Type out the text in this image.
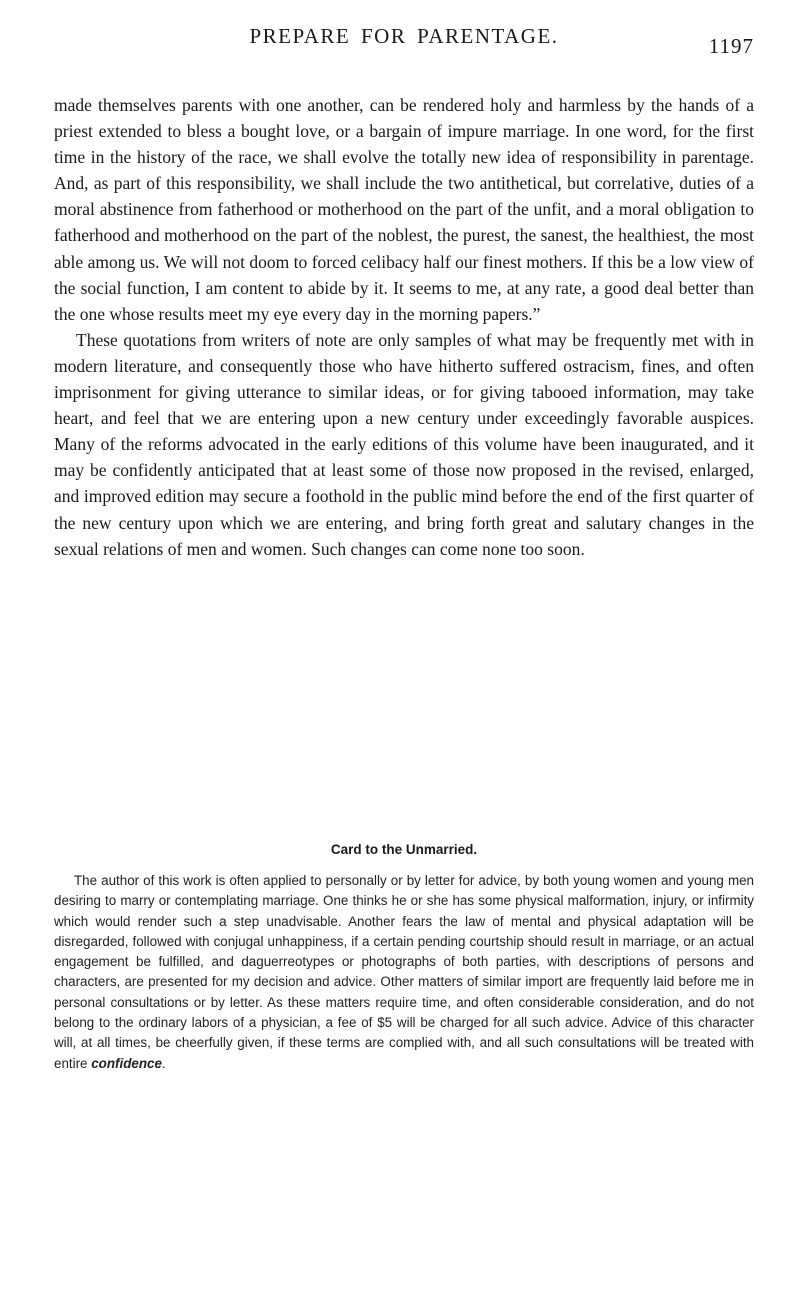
PREPARE FOR PARENTAGE.	1197

made themselves parents with one another, can be rendered holy and harmless by the hands of a priest extended to bless a bought love, or a bargain of impure marriage. In one word, for the first time in the history of the race, we shall evolve the totally new idea of responsibility in parentage. And, as part of this responsibility, we shall include the two antithetical, but correlative, duties of a moral abstinence from fatherhood or motherhood on the part of the unfit, and a moral obligation to fatherhood and motherhood on the part of the noblest, the purest, the sanest, the healthiest, the most able among us. We will not doom to forced celibacy half our finest mothers. If this be a low view of the social function, I am content to abide by it. It seems to me, at any rate, a good deal better than the one whose results meet my eye every day in the morning papers.”

These quotations from writers of note are only samples of what may be frequently met with in modern literature, and consequently those who have hitherto suffered ostracism, fines, and often imprisonment for giving utterance to similar ideas, or for giving tabooed information, may take heart, and feel that we are entering upon a new century under exceedingly favorable auspices. Many of the reforms advocated in the early editions of this volume have been inaugurated, and it may be confidently anticipated that at least some of those now proposed in the revised, enlarged, and improved edition may secure a foothold in the public mind before the end of the first quarter of the new century upon which we are entering, and bring forth great and salutary changes in the sexual relations of men and women. Such changes can come none too soon.

Card to the Unmarried.

The author of this work is often applied to personally or by letter for advice, by both young women and young men desiring to marry or contemplating marriage. One thinks he or she has some physical malformation, injury, or infirmity which would render such a step unadvisable. Another fears the law of mental and physical adaptation will be disregarded, followed with conjugal unhappiness, if a certain pending courtship should result in marriage, or an actual engagement be fulfilled, and daguerreotypes or photographs of both parties, with descriptions of persons and characters, are presented for my decision and advice. Other matters of similar import are frequently laid before me in personal consultations or by letter. As these matters require time, and often considerable consideration, and do not belong to the ordinary labors of a physician, a fee of $5 will be charged for all such advice. Advice of this character will, at all times, be cheerfully given, if these terms are complied with, and all such consultations will be treated with entire confidence.
